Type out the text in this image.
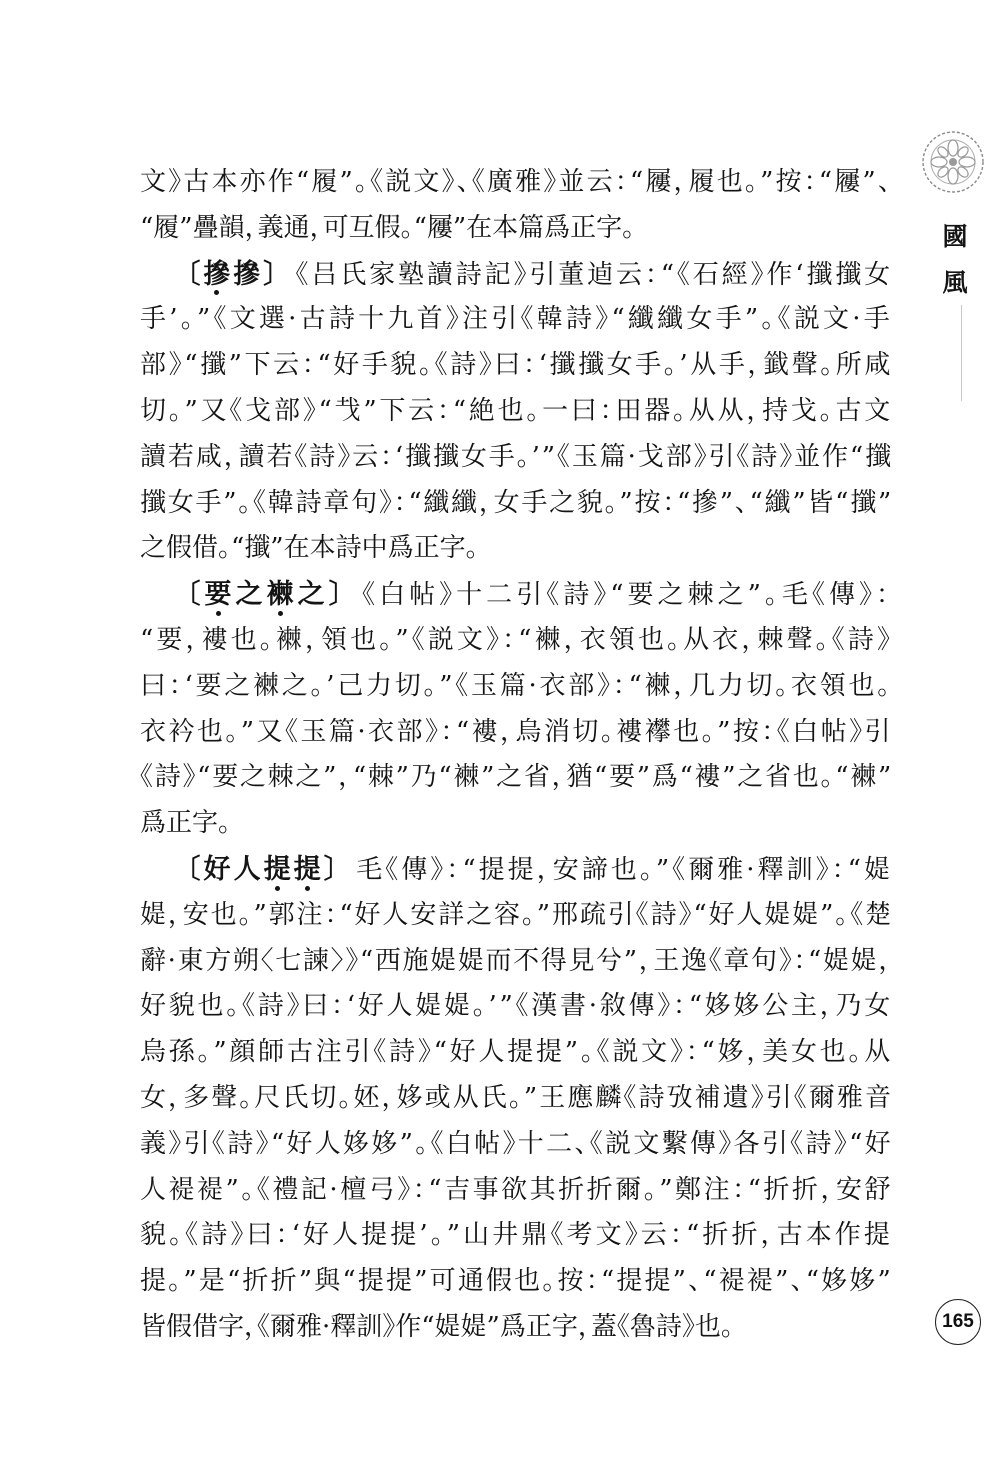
國
風
文》古本亦作“履”。《説文》、《廣雅》並云：“屨，履也。”按：“屨”、
“履”疊韻，義通，可互假。“屨”在本篇爲正字。
〔摻摻〕 《吕氏家塾讀詩記》引董逌云：“《石經》作‘攕攕女
手’。”《文選·古詩十九首》注引《韓詩》“纖纖女手”。《説文·手
部》“攕”下云：“好手貌。《詩》曰：‘攕攕女手。’从手，韱聲。所咸
切。”又《戈部》“𢦏”下云：“絶也。一曰：田器。从从，持戈。古文
讀若咸，讀若《詩》云：‘攕攕女手。’”《玉篇·戈部》引《詩》並作“攕
攕女手”。《韓詩章句》：“纖纖，女手之貌。”按：“摻”、“纖”皆“攕”
之假借。“攕”在本詩中爲正字。
〔要之襋之〕 《白帖》十二引《詩》“要之棘之”。毛《傳》：
“要，褸也。襋，領也。”《説文》：“襋，衣領也。从衣，棘聲。《詩》
曰：‘要之襋之。’己力切。”《玉篇·衣部》：“襋，几力切。衣領也。
衣衿也。”又《玉篇·衣部》：“褸，烏消切。褸襻也。”按：《白帖》引
《詩》“要之棘之”，“棘”乃“襋”之省，猶“要”爲“褸”之省也。“襋”
爲正字。
〔好人提提〕 毛《傳》：“提提，安諦也。”《爾雅·釋訓》：“媞
媞，安也。”郭注：“好人安詳之容。”邢疏引《詩》“好人媞媞”。《楚
辭·東方朔〈七諫〉》“西施媞媞而不得見兮”，王逸《章句》：“媞媞，
好貌也。《詩》曰：‘好人媞媞。’”《漢書·敘傳》：“姼姼公主，乃女
烏孫。”顔師古注引《詩》“好人提提”。《説文》：“姼，美女也。从
女，多聲。尺氏切。㚰，姼或从氏。”王應麟《詩攷補遺》引《爾雅音
義》引《詩》“好人姼姼”。《白帖》十二、《説文繫傳》各引《詩》“好
人褆褆”。《禮記·檀弓》：“吉事欲其折折爾。”鄭注：“折折，安舒
貌。《詩》曰：‘好人提提’。”山井鼎《考文》云：“折折，古本作提
提。”是“折折”與“提提”可通假也。按：“提提”、“褆褆”、“姼姼”
皆假借字，《爾雅·釋訓》作“媞媞”爲正字，蓋《魯詩》也。	165
